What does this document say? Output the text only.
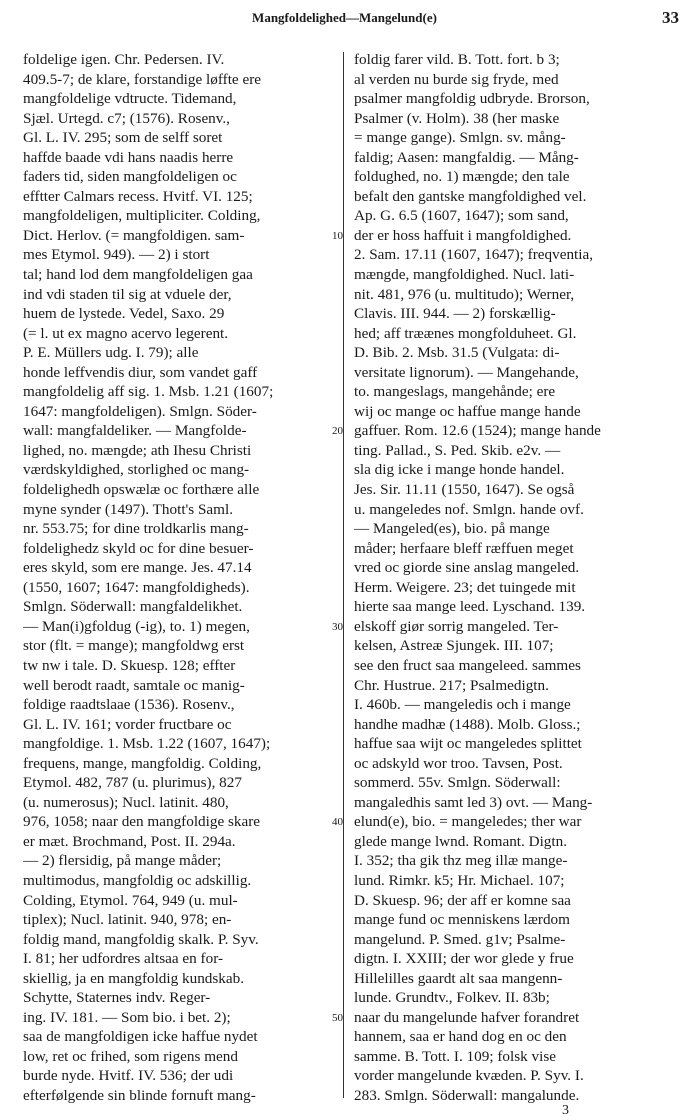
Mangfoldelighed—Mangelund(e)	33
foldelige igen. Chr. Pedersen. IV.
409.5-7; de klare, forstandige løffte ere
mangfoldelige vdtructe. Tidemand,
Sjæl. Urtegd. c7; (1576). Rosenv.,
Gl. L. IV. 295; som de selff soret
haffde baade vdi hans naadis herre
faders tid, siden mangfoldeligen oc
efftter Calmars recess. Hvitf. VI. 125;
mangfoldeligen, multipliciter. Colding,
Dict. Herlov. (= mangfoldigen. sam-
mes Etymol. 949). — 2) i stort
tal; hand lod dem mangfoldeligen gaa
ind vdi staden til sig at vduele der,
huem de lystede. Vedel, Saxo. 29
(= l. ut ex magno acervo legerent.
P. E. Müllers udg. I. 79); alle
honde leffvendis diur, som vandet gaff
mangfoldelig aff sig. 1. Msb. 1.21 (1607;
1647: mangfoldeligen). Smlgn. Söder-
wall: mangfaldeliker. — Mangfolde-
lighed, no. mængde; ath Ihesu Christi
værdskyldighed, storlighed oc mang-
foldelighedh opswælæ oc forthære alle
myne synder (1497). Thott's Saml.
nr. 553.75; for dine troldkarlis mang-
foldelighedz skyld oc for dine besuer-
eres skyld, som ere mange. Jes. 47.14
(1550, 1607; 1647: mangfoldigheds).
Smlgn. Söderwall: mangfaldelikhet.
— Man(i)gfoldug (-ig), to. 1) megen,
stor (flt. = mange); mangfoldwg erst
tw nw i tale. D. Skuesp. 128; effter
well berodt raadt, samtale oc manig-
foldige raadtslaae (1536). Rosenv.,
Gl. L. IV. 161; vorder fructbare oc
mangfoldige. 1. Msb. 1.22 (1607, 1647);
frequens, mange, mangfoldig. Colding,
Etymol. 482, 787 (u. plurimus), 827
(u. numerosus); Nucl. latinit. 480,
976, 1058; naar den mangfoldige skare
er mæt. Brochmand, Post. II. 294a.
— 2) flersidig, på mange måder;
multimodus, mangfoldig oc adskillig.
Colding, Etymol. 764, 949 (u. mul-
tiplex); Nucl. latinit. 940, 978; en-
foldig mand, mangfoldig skalk. P. Syv.
I. 81; her udfordres altsaa en for-
skiellig, ja en mangfoldig kundskab.
Schytte, Staternes indv. Reger-
ing. IV. 181. — Som bio. i bet. 2);
saa de mangfoldigen icke haffue nydet
low, ret oc frihed, som rigens mend
burde nyde. Hvitf. IV. 536; der udi
efterfølgende sin blinde fornuft mang-
10
20
30
40
50
foldig farer vild. B. Tott. fort. b 3;
al verden nu burde sig fryde, med
psalmer mangfoldig udbryde. Brorson,
Psalmer (v. Holm). 38 (her maske
= mange gange). Smlgn. sv. mång-
faldig; Aasen: mangfaldig. — Mång-
foldughed, no. 1) mængde; den tale
befalt den gantske mangfoldighed vel.
Ap. G. 6.5 (1607, 1647); som sand,
der er hoss haffuit i mangfoldighed.
2. Sam. 17.11 (1607, 1647); freqventia,
mængde, mangfoldighed. Nucl. lati-
nit. 481, 976 (u. multitudo); Werner,
Clavis. III. 944. — 2) forskællig-
hed; aff træænes mongfolduheet. Gl.
D. Bib. 2. Msb. 31.5 (Vulgata: di-
versitate lignorum). — Mangehande,
to. mangeslags, mangehånde; ere
wij oc mange oc haffue mange hande
gaffuer. Rom. 12.6 (1524); mange hande
ting. Pallad., S. Ped. Skib. e2v. —
sla dig icke i mange honde handel.
Jes. Sir. 11.11 (1550, 1647). Se også
u. mangeledes nof. Smlgn. hande ovf.
— Mangeled(es), bio. på mange
måder; herfaare bleff ræffuen meget
vred oc giorde sine anslag mangeled.
Herm. Weigere. 23; det tuingede mit
hierte saa mange leed. Lyschand. 139.
elskoff giør sorrig mangeled. Ter-
kelsen, Astreæ Sjungek. III. 107;
see den fruct saa mangeleed. sammes
Chr. Hustrue. 217; Psalmedigtn.
I. 460b. — mangeledis och i mange
handhe madhæ (1488). Molb. Gloss.;
haffue saa wijt oc mangeledes splittet
oc adskyld wor troo. Tavsen, Post.
sommerd. 55v. Smlgn. Söderwall:
mangaledhis samt led 3) ovt. — Mang-
elund(e), bio. = mangeledes; ther war
glede mange lwnd. Romant. Digtn.
I. 352; tha gik thz meg illæ mange-
lund. Rimkr. k5; Hr. Michael. 107;
D. Skuesp. 96; der aff er komne saa
mange fund oc menniskens lærdom
mangelund. P. Smed. g1v; Psalme-
digtn. I. XXIII; der wor glede y frue
Hillelilles gaardt alt saa mangenn-
lunde. Grundtv., Folkev. II. 83b;
naar du mangelunde hafver forandret
hannem, saa er hand dog en oc den
samme. B. Tott. I. 109; folsk vise
vorder mangelunde kvæden. P. Syv. I.
283. Smlgn. Söderwall: mangalunde.
3
